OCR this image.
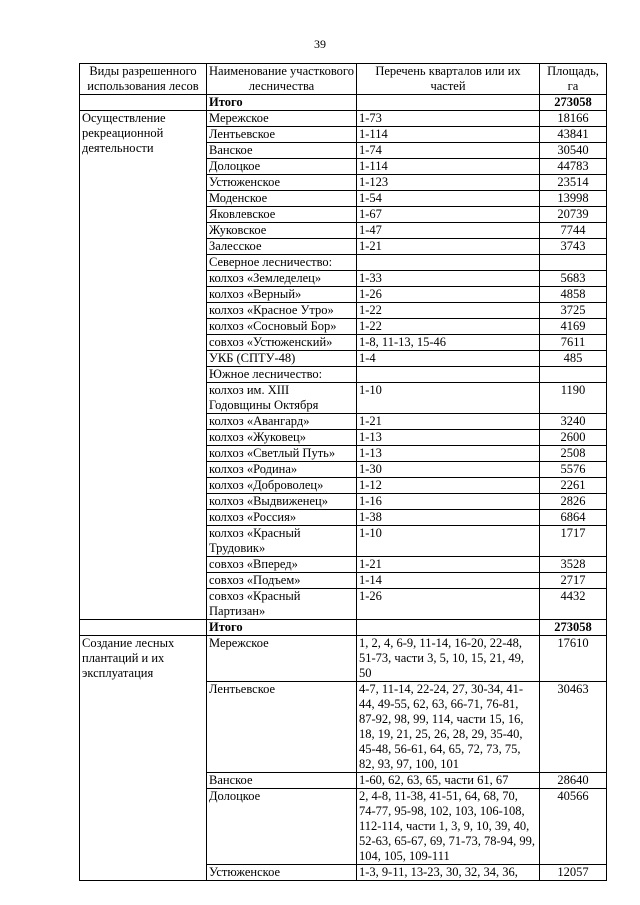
39
Виды разрешенного использования лесов	Наименование участкового лесничества	Перечень кварталов или их частей	Площадь, га
	Итого		273058
Осуществление рекреационной деятельности	Мережское	1-73	18166
	Лентьевское	1-114	43841
	Ванское	1-74	30540
	Долоцкое	1-114	44783
	Устюженское	1-123	23514
	Моденское	1-54	13998
	Яковлевское	1-67	20739
	Жуковское	1-47	7744
	Залесское	1-21	3743
	Северное лесничество:		
	колхоз «Земледелец»	1-33	5683
	колхоз «Верный»	1-26	4858
	колхоз «Красное Утро»	1-22	3725
	колхоз «Сосновый Бор»	1-22	4169
	совхоз «Устюженский»	1-8, 11-13, 15-46	7611
	УКБ (СПТУ-48)	1-4	485
	Южное лесничество:		
	колхоз им. XIII Годовщины Октября	1-10	1190
	колхоз «Авангард»	1-21	3240
	колхоз «Жуковец»	1-13	2600
	колхоз «Светлый Путь»	1-13	2508
	колхоз «Родина»	1-30	5576
	колхоз «Доброволец»	1-12	2261
	колхоз «Выдвиженец»	1-16	2826
	колхоз «Россия»	1-38	6864
	колхоз «Красный Трудовик»	1-10	1717
	совхоз «Вперед»	1-21	3528
	совхоз «Подъем»	1-14	2717
	совхоз «Красный Партизан»	1-26	4432
	Итого		273058
Создание лесных плантаций и их эксплуатация	Мережское	1, 2, 4, 6-9, 11-14, 16-20, 22-48, 51-73, части 3, 5, 10, 15, 21, 49, 50	17610
	Лентьевское	4-7, 11-14, 22-24, 27, 30-34, 41-44, 49-55, 62, 63, 66-71, 76-81, 87-92, 98, 99, 114, части 15, 16, 18, 19, 21, 25, 26, 28, 29, 35-40, 45-48, 56-61, 64, 65, 72, 73, 75, 82, 93, 97, 100, 101	30463
	Ванское	1-60, 62, 63, 65, части 61, 67	28640
	Долоцкое	2, 4-8, 11-38, 41-51, 64, 68, 70, 74-77, 95-98, 102, 103, 106-108, 112-114, части 1, 3, 9, 10, 39, 40, 52-63, 65-67, 69, 71-73, 78-94, 99, 104, 105, 109-111	40566
	Устюженское	1-3, 9-11, 13-23, 30, 32, 34, 36,	12057
